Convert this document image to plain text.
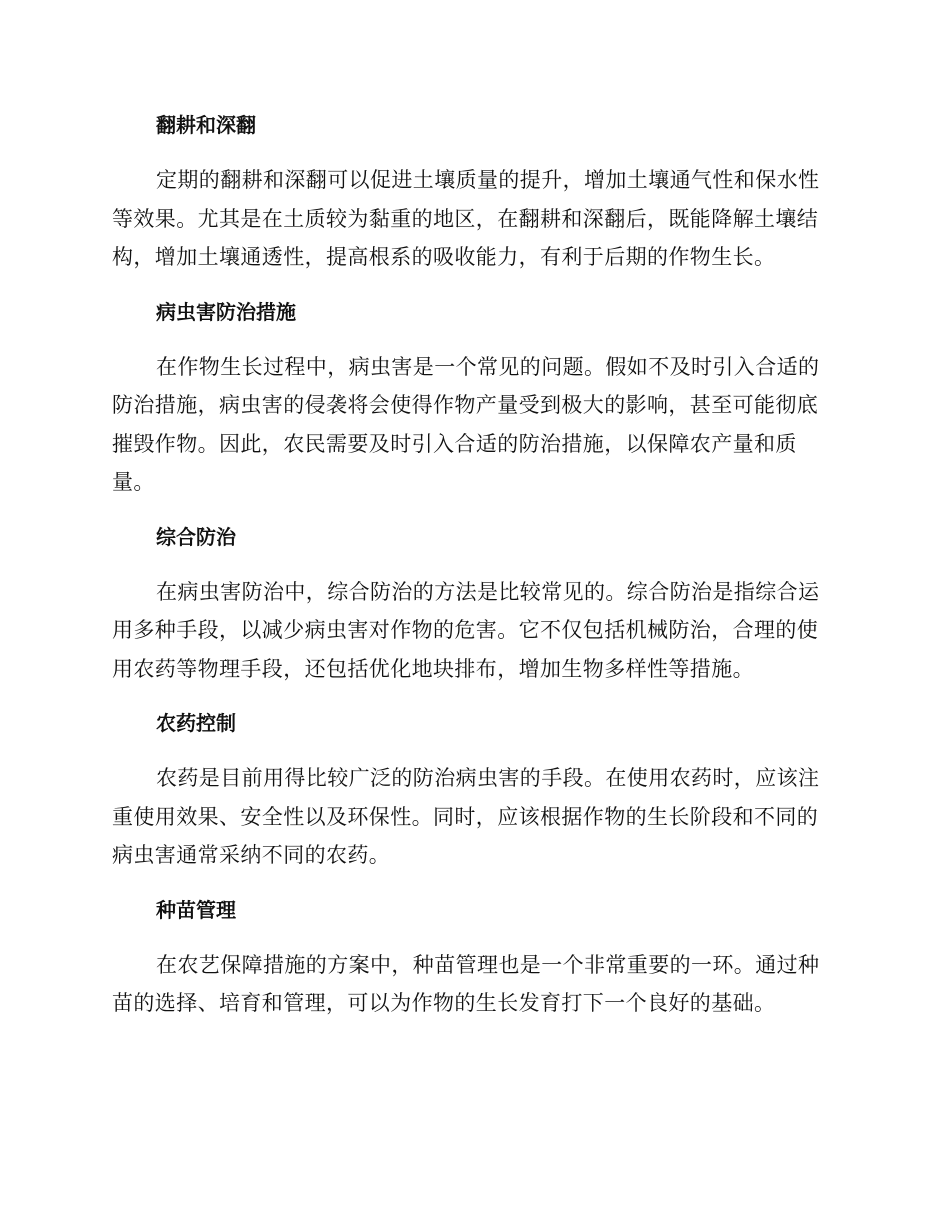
翻耕和深翻

定期的翻耕和深翻可以促进土壤质量的提升，增加土壤通气性和保水性等效果。尤其是在土质较为黏重的地区，在翻耕和深翻后，既能降解土壤结构，增加土壤通透性，提高根系的吸收能力，有利于后期的作物生长。

病虫害防治措施

在作物生长过程中，病虫害是一个常见的问题。假如不及时引入合适的防治措施，病虫害的侵袭将会使得作物产量受到极大的影响，甚至可能彻底摧毁作物。因此，农民需要及时引入合适的防治措施，以保障农产量和质量。

综合防治

在病虫害防治中，综合防治的方法是比较常见的。综合防治是指综合运用多种手段，以减少病虫害对作物的危害。它不仅包括机械防治，合理的使用农药等物理手段，还包括优化地块排布，增加生物多样性等措施。

农药控制

农药是目前用得比较广泛的防治病虫害的手段。在使用农药时，应该注重使用效果、安全性以及环保性。同时，应该根据作物的生长阶段和不同的病虫害通常采纳不同的农药。

种苗管理

在农艺保障措施的方案中，种苗管理也是一个非常重要的一环。通过种苗的选择、培育和管理，可以为作物的生长发育打下一个良好的基础。
